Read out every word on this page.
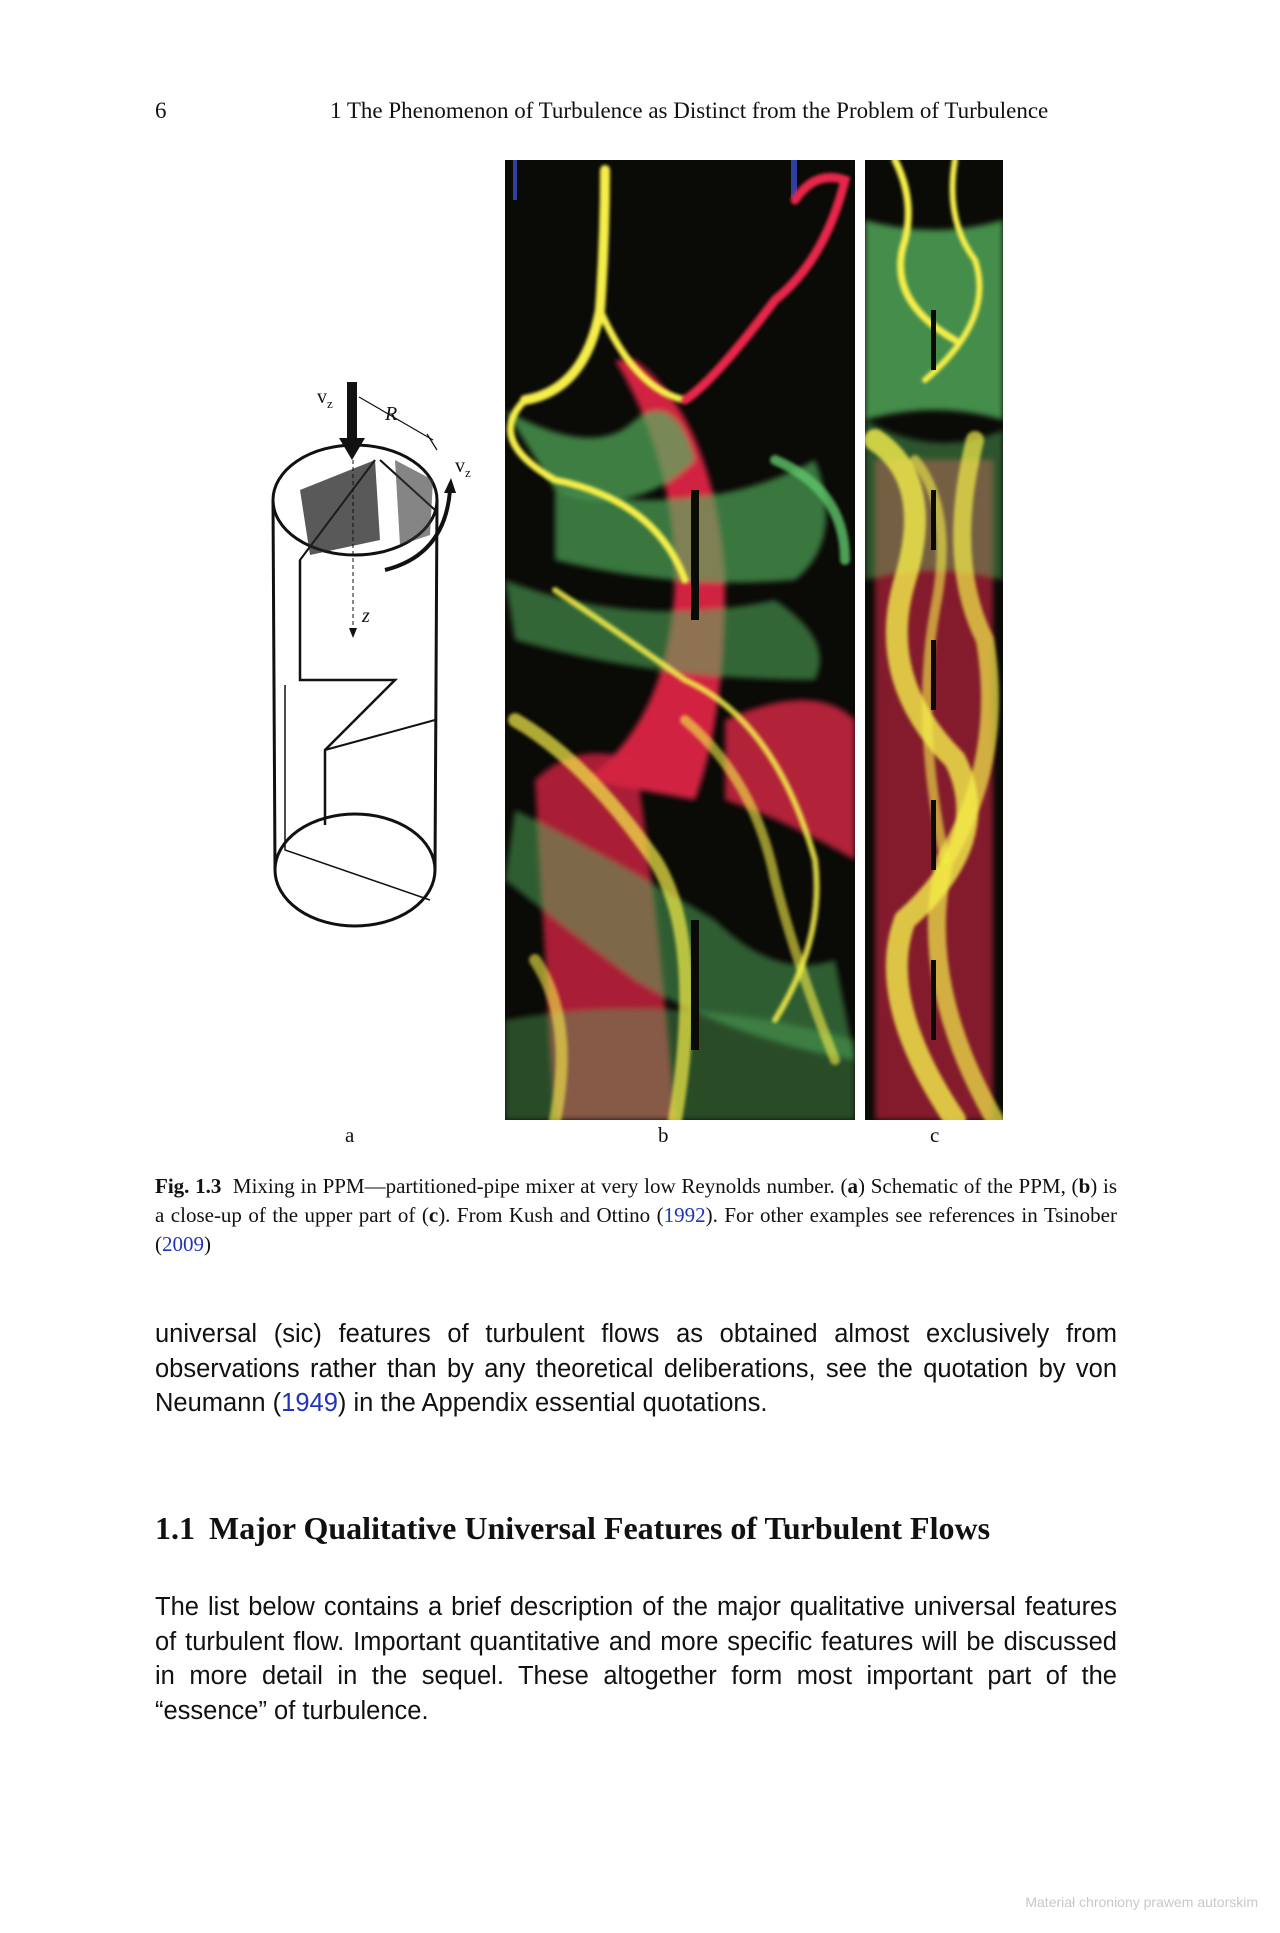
6	1 The Phenomenon of Turbulence as Distinct from the Problem of Turbulence
$v_z$	R
$v_z$
z
a	b	c
Fig. 1.3 Mixing in PPM—partitioned-pipe mixer at very low Reynolds number. (a) Schematic of the PPM, (b) is a close-up of the upper part of (c). From Kush and Ottino (1992). For other examples see references in Tsinober (2009)
universal (sic) features of turbulent flows as obtained almost exclusively from observations rather than by any theoretical deliberations, see the quotation by von Neumann (1949) in the Appendix essential quotations.
1.1 Major Qualitative Universal Features of Turbulent Flows
The list below contains a brief description of the major qualitative universal features of turbulent flow. Important quantitative and more specific features will be discussed in more detail in the sequel. These altogether form most important part of the “essence” of turbulence.
Materiał chroniony prawem autorskim
